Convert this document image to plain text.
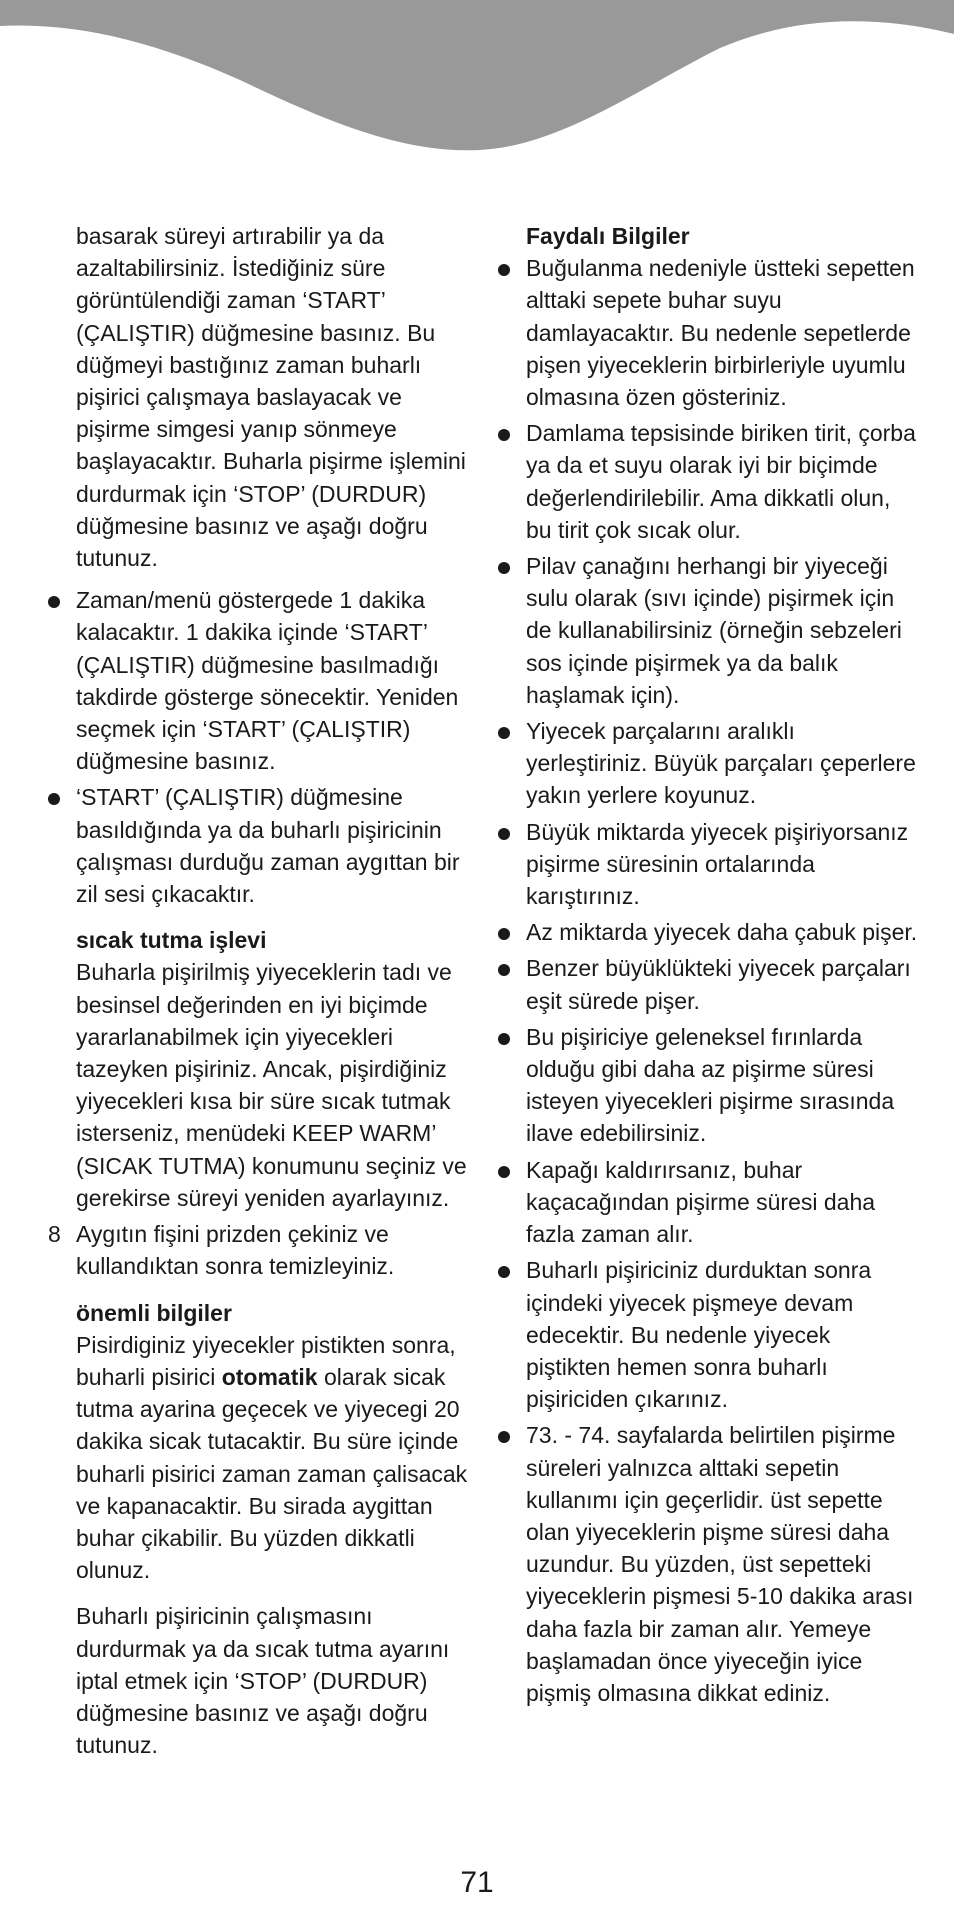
basarak süreyi artırabilir ya da azaltabilirsiniz. İstediğiniz süre görüntülendiği zaman ‘START’ (ÇALIŞTIR) düğmesine basınız. Bu düğmeyi bastığınız zaman buharlı pişirici çalışmaya baslayacak ve pişirme simgesi yanıp sönmeye başlayacaktır. Buharla pişirme işlemini durdurmak için ‘STOP’ (DURDUR) düğmesine basınız ve aşağı doğru tutunuz.

Zaman/menü göstergede 1 dakika kalacaktır. 1 dakika içinde ‘START’ (ÇALIŞTIR) düğmesine basılmadığı takdirde gösterge sönecektir. Yeniden seçmek için ‘START’ (ÇALIŞTIR) düğmesine basınız.

‘START’ (ÇALIŞTIR) düğmesine basıldığında ya da buharlı pişiricinin çalışması durduğu zaman aygıttan bir zil sesi çıkacaktır.

sıcak tutma işlevi

Buharla pişirilmiş yiyeceklerin tadı ve besinsel değerinden en iyi biçimde yararlanabilmek için yiyecekleri tazeyken pişiriniz. Ancak, pişirdiğiniz yiyecekleri kısa bir süre sıcak tutmak isterseniz, menüdeki KEEP WARM’ (SICAK TUTMA) konumunu seçiniz ve gerekirse süreyi yeniden ayarlayınız.

8 Aygıtın fişini prizden çekiniz ve kullandıktan sonra temizleyiniz.

önemli bilgiler

Pisirdiginiz yiyecekler pistikten sonra, buharli pisirici otomatik olarak sicak tutma ayarina geçecek ve yiyecegi 20 dakika sicak tutacaktir. Bu süre içinde buharli pisirici zaman zaman çalisacak ve kapanacaktir. Bu sirada aygittan buhar çikabilir. Bu yüzden dikkatli olunuz.

Buharlı pişiricinin çalışmasını durdurmak ya da sıcak tutma ayarını iptal etmek için ‘STOP’ (DURDUR) düğmesine basınız ve aşağı doğru tutunuz.

Faydalı Bilgiler

Buğulanma nedeniyle üstteki sepetten alttaki sepete buhar suyu damlayacaktır. Bu nedenle sepetlerde pişen yiyeceklerin birbirleriyle uyumlu olmasına özen gösteriniz.

Damlama tepsisinde biriken tirit, çorba ya da et suyu olarak iyi bir biçimde değerlendirilebilir. Ama dikkatli olun, bu tirit çok sıcak olur.

Pilav çanağını herhangi bir yiyeceği sulu olarak (sıvı içinde) pişirmek için de kullanabilirsiniz (örneğin sebzeleri sos içinde pişirmek ya da balık haşlamak için).

Yiyecek parçalarını aralıklı yerleştiriniz. Büyük parçaları çeperlere yakın yerlere koyunuz.

Büyük miktarda yiyecek pişiriyorsanız pişirme süresinin ortalarında karıştırınız.

Az miktarda yiyecek daha çabuk pişer.

Benzer büyüklükteki yiyecek parçaları eşit sürede pişer.

Bu pişiriciye geleneksel fırınlarda olduğu gibi daha az pişirme süresi isteyen yiyecekleri pişirme sırasında ilave edebilirsiniz.

Kapağı kaldırırsanız, buhar kaçacağından pişirme süresi daha fazla zaman alır.

Buharlı pişiriciniz durduktan sonra içindeki yiyecek pişmeye devam edecektir. Bu nedenle yiyecek piştikten hemen sonra buharlı pişiriciden çıkarınız.

73. - 74. sayfalarda belirtilen pişirme süreleri yalnızca alttaki sepetin kullanımı için geçerlidir. üst sepette olan yiyeceklerin pişme süresi daha uzundur. Bu yüzden, üst sepetteki yiyeceklerin pişmesi 5-10 dakika arası daha fazla bir zaman alır. Yemeye başlamadan önce yiyeceğin iyice pişmiş olmasına dikkat ediniz.

71
